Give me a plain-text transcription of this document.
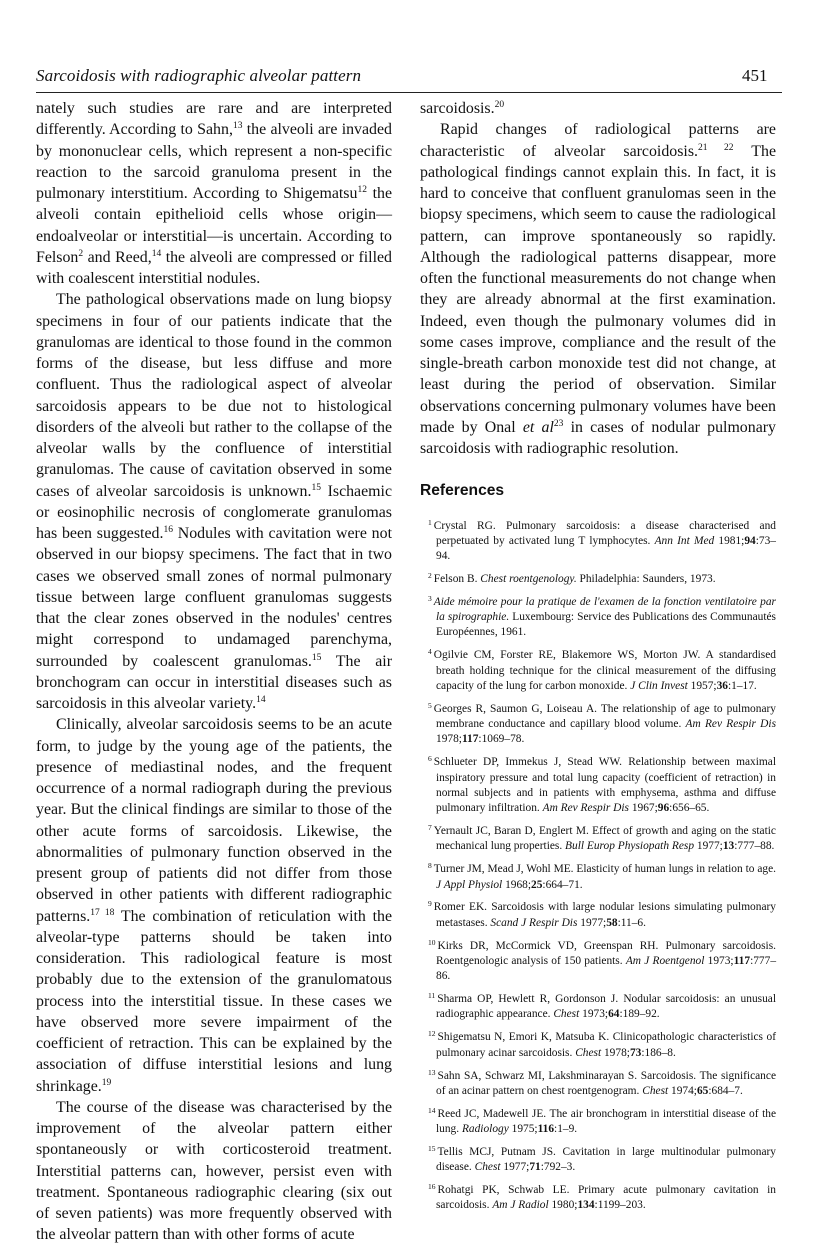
Sarcoidosis with radiographic alveolar pattern	451

nately such studies are rare and are interpreted differently. According to Sahn,$^{13}$ the alveoli are invaded by mononuclear cells, which represent a non-specific reaction to the sarcoid granuloma present in the pulmonary interstitium. According to Shigematsu$^{12}$ the alveoli contain epithelioid cells whose origin—endoalveolar or interstitial—is uncertain. According to Felson$^2$ and Reed,$^{14}$ the alveoli are compressed or filled with coalescent interstitial nodules.

The pathological observations made on lung biopsy specimens in four of our patients indicate that the granulomas are identical to those found in the common forms of the disease, but less diffuse and more confluent. Thus the radiological aspect of alveolar sarcoidosis appears to be due not to histological disorders of the alveoli but rather to the collapse of the alveolar walls by the confluence of interstitial granulomas. The cause of cavitation observed in some cases of alveolar sarcoidosis is unknown.$^{15}$ Ischaemic or eosinophilic necrosis of conglomerate granulomas has been suggested.$^{16}$ Nodules with cavitation were not observed in our biopsy specimens. The fact that in two cases we observed small zones of normal pulmonary tissue between large confluent granulomas suggests that the clear zones observed in the nodules' centres might correspond to undamaged parenchyma, surrounded by coalescent granulomas.$^{15}$ The air bronchogram can occur in interstitial diseases such as sarcoidosis in this alveolar variety.$^{14}$

Clinically, alveolar sarcoidosis seems to be an acute form, to judge by the young age of the patients, the presence of mediastinal nodes, and the frequent occurrence of a normal radiograph during the previous year. But the clinical findings are similar to those of the other acute forms of sarcoidosis. Likewise, the abnormalities of pulmonary function observed in the present group of patients did not differ from those observed in other patients with different radiographic patterns.$^{17 18}$ The combination of reticulation with the alveolar-type patterns should be taken into consideration. This radiological feature is most probably due to the extension of the granulomatous process into the interstitial tissue. In these cases we have observed more severe impairment of the coefficient of retraction. This can be explained by the association of diffuse interstitial lesions and lung shrinkage.$^{19}$

The course of the disease was characterised by the improvement of the alveolar pattern either spontaneously or with corticosteroid treatment. Interstitial patterns can, however, persist even with treatment. Spontaneous radiographic clearing (six out of seven patients) was more frequently observed with the alveolar pattern than with other forms of acute

sarcoidosis.$^{20}$

Rapid changes of radiological patterns are characteristic of alveolar sarcoidosis.$^{21 22}$ The pathological findings cannot explain this. In fact, it is hard to conceive that confluent granulomas seen in the biopsy specimens, which seem to cause the radiological pattern, can improve spontaneously so rapidly. Although the radiological patterns disappear, more often the functional measurements do not change when they are already abnormal at the first examination. Indeed, even though the pulmonary volumes did in some cases improve, compliance and the result of the single-breath carbon monoxide test did not change, at least during the period of observation. Similar observations concerning pulmonary volumes have been made by Onal et $al^{23}$ in cases of nodular pulmonary sarcoidosis with radiographic resolution.

References
$^1$ Crystal RG. Pulmonary sarcoidosis: a disease characterised and perpetuated by activated lung T lymphocytes. Ann Int Med 1981;94:73–94.
$^2$ Felson B. Chest roentgenology. Philadelphia: Saunders, 1973.
$^3$ Aide mémoire pour la pratique de l'examen de la fonction ventilatoire par la spirographie. Luxembourg: Service des Publications des Communautés Européennes, 1961.
$^4$ Ogilvie CM, Forster RE, Blakemore WS, Morton JW. A standardised breath holding technique for the clinical measurement of the diffusing capacity of the lung for carbon monoxide. J Clin Invest 1957;36:1–17.
$^5$ Georges R, Saumon G, Loiseau A. The relationship of age to pulmonary membrane conductance and capillary blood volume. Am Rev Respir Dis 1978;117:1069–78.
$^6$ Schlueter DP, Immekus J, Stead WW. Relationship between maximal inspiratory pressure and total lung capacity (coefficient of retraction) in normal subjects and in patients with emphysema, asthma and diffuse pulmonary infiltration. Am Rev Respir Dis 1967;96:656–65.
$^7$ Yernault JC, Baran D, Englert M. Effect of growth and aging on the static mechanical lung properties. Bull Europ Physiopath Resp 1977;13:777–88.
$^8$ Turner JM, Mead J, Wohl ME. Elasticity of human lungs in relation to age. J Appl Physiol 1968;25:664–71.
$^9$ Romer EK. Sarcoidosis with large nodular lesions simulating pulmonary metastases. Scand J Respir Dis 1977;58:11–6.
$^{10}$ Kirks DR, McCormick VD, Greenspan RH. Pulmonary sarcoidosis. Roentgenologic analysis of 150 patients. Am J Roentgenol 1973;117:777–86.
$^{11}$ Sharma OP, Hewlett R, Gordonson J. Nodular sarcoidosis: an unusual radiographic appearance. Chest 1973;64:189–92.
$^{12}$ Shigematsu N, Emori K, Matsuba K. Clinicopathologic characteristics of pulmonary acinar sarcoidosis. Chest 1978;73:186–8.
$^{13}$ Sahn SA, Schwarz MI, Lakshminarayan S. Sarcoidosis. The significance of an acinar pattern on chest roentgenogram. Chest 1974;65:684–7.
$^{14}$ Reed JC, Madewell JE. The air bronchogram in interstitial disease of the lung. Radiology 1975;116:1–9.
$^{15}$ Tellis MCJ, Putnam JS. Cavitation in large multinodular pulmonary disease. Chest 1977;71:792–3.
$^{16}$ Rohatgi PK, Schwab LE. Primary acute pulmonary cavitation in sarcoidosis. Am J Radiol 1980;134:1199–203.
